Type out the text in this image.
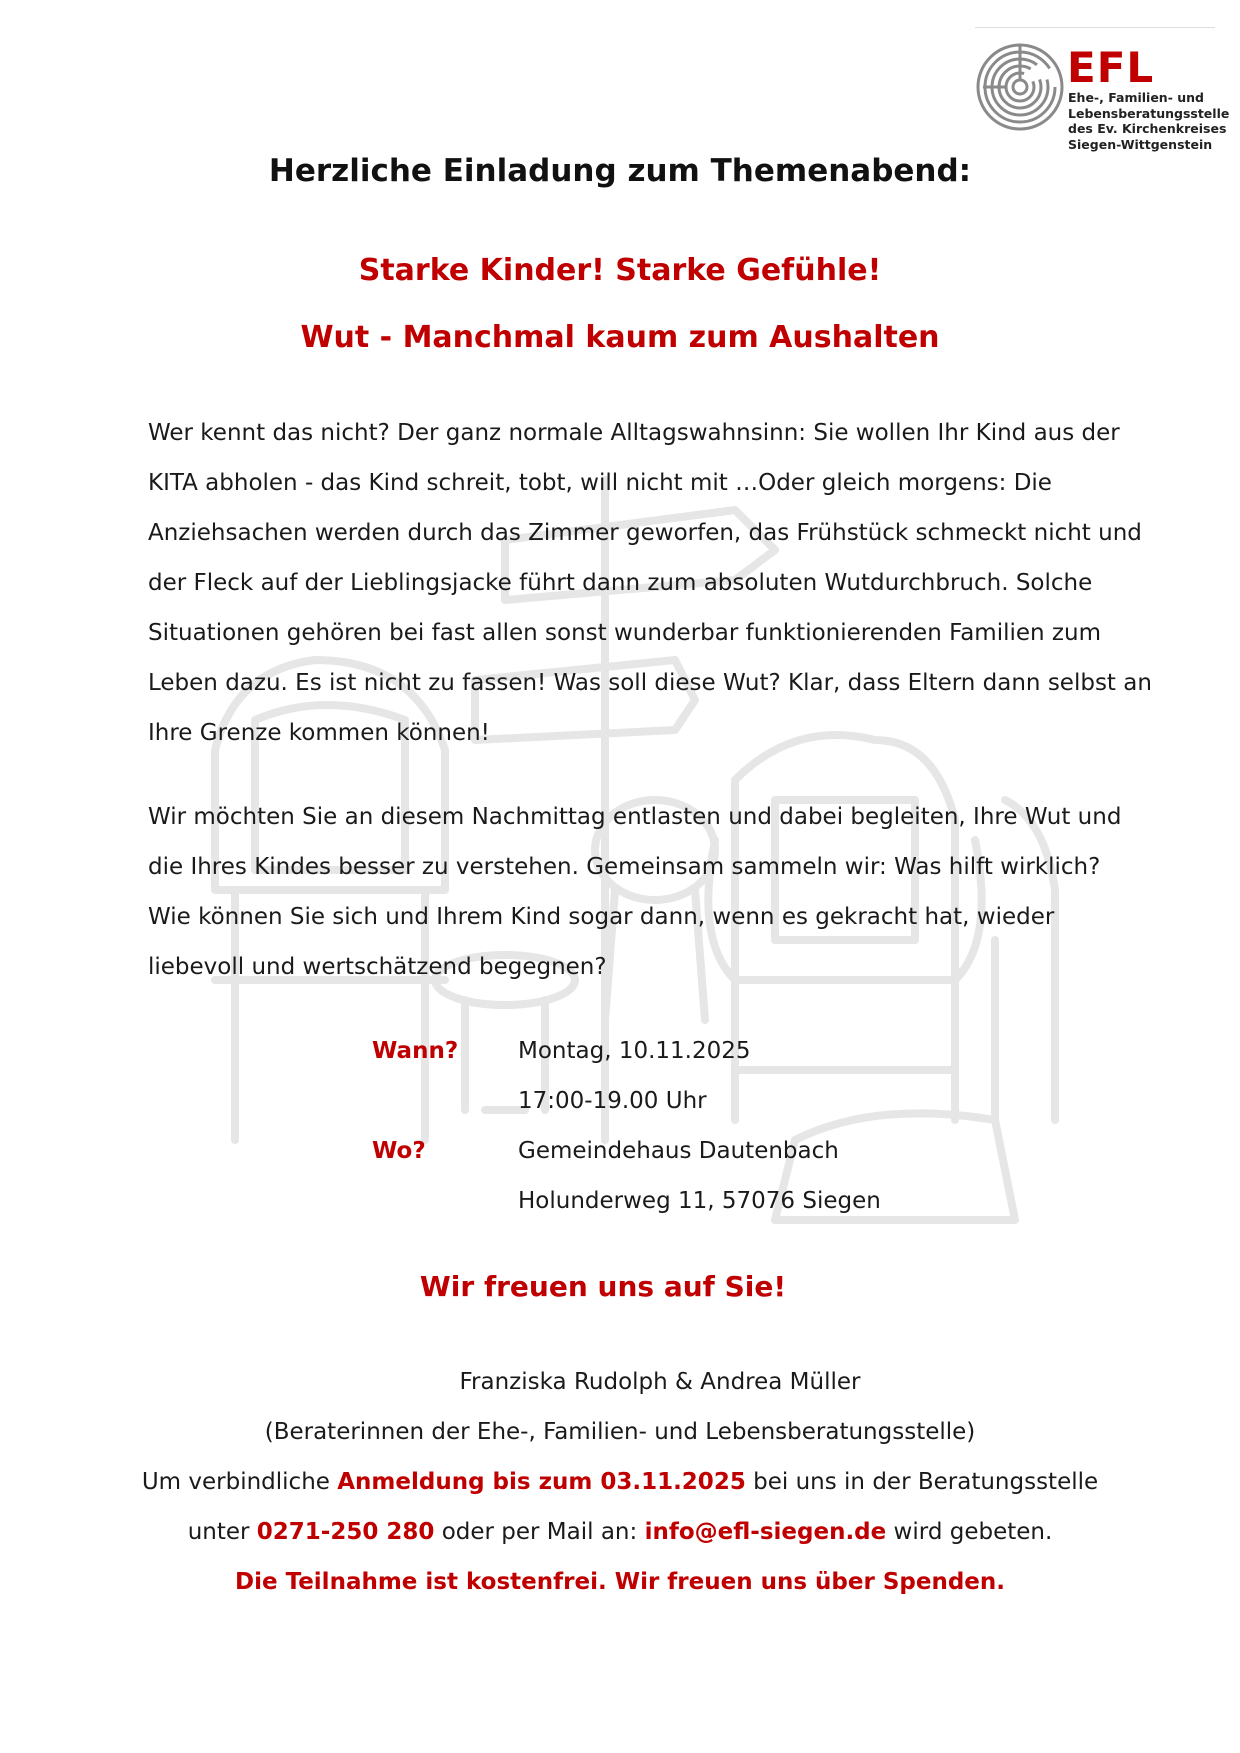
EFL
Ehe-, Familien- und
Lebensberatungsstelle
des Ev. Kirchenkreises
Siegen-Wittgenstein
Herzliche Einladung zum Themenabend:
Starke Kinder! Starke Gefühle!
Wut - Manchmal kaum zum Aushalten
Wer kennt das nicht? Der ganz normale Alltagswahnsinn: Sie wollen Ihr Kind aus der
KITA abholen - das Kind schreit, tobt, will nicht mit …Oder gleich morgens: Die
Anziehsachen werden durch das Zimmer geworfen, das Frühstück schmeckt nicht und
der Fleck auf der Lieblingsjacke führt dann zum absoluten Wutdurchbruch. Solche
Situationen gehören bei fast allen sonst wunderbar funktionierenden Familien zum
Leben dazu. Es ist nicht zu fassen! Was soll diese Wut? Klar, dass Eltern dann selbst an
Ihre Grenze kommen können!
Wir möchten Sie an diesem Nachmittag entlasten und dabei begleiten, Ihre Wut und
die Ihres Kindes besser zu verstehen. Gemeinsam sammeln wir: Was hilft wirklich?
Wie können Sie sich und Ihrem Kind sogar dann, wenn es gekracht hat, wieder
liebevoll und wertschätzend begegnen?
Wann?	Montag, 10.11.2025
17:00-19.00 Uhr
Wo?	Gemeindehaus Dautenbach
Holunderweg 11, 57076 Siegen
Wir freuen uns auf Sie!
Franziska Rudolph & Andrea Müller
(Beraterinnen der Ehe-, Familien- und Lebensberatungsstelle)
Um verbindliche Anmeldung bis zum 03.11.2025 bei uns in der Beratungsstelle
unter 0271-250 280 oder per Mail an: info@efl-siegen.de wird gebeten.
Die Teilnahme ist kostenfrei. Wir freuen uns über Spenden.
